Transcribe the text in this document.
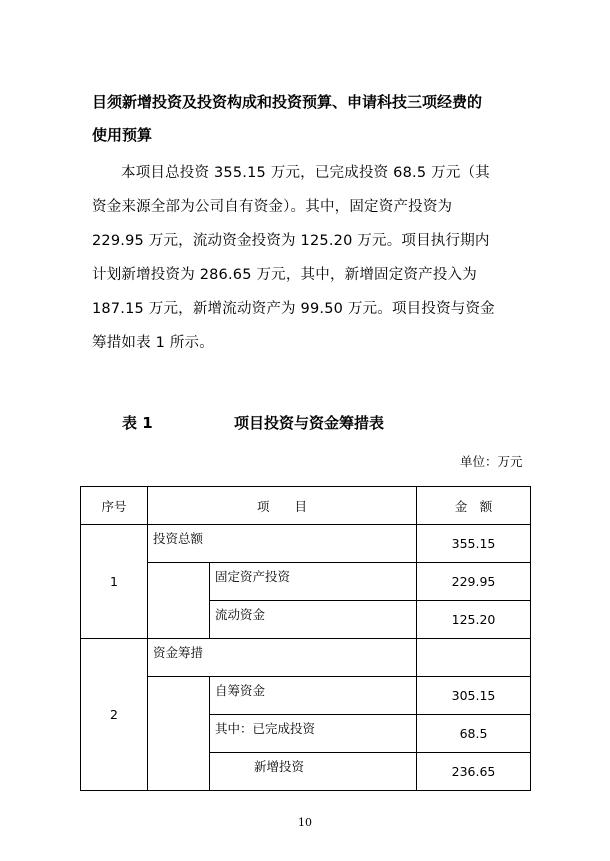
目须新增投资及投资构成和投资预算、申请科技三项经费的
使用预算

本项目总投资 355.15 万元，已完成投资 68.5 万元（其

资金来源全部为公司自有资金）。其中，固定资产投资为

229.95 万元，流动资金投资为 125.20 万元。项目执行期内

计划新增投资为 286.65 万元，其中，新增固定资产投入为

187.15 万元，新增流动资产为 99.50 万元。项目投资与资金

筹措如表 1 所示。

表 1	项目投资与资金筹措表
单位：万元
序号	项　　目		金　额
1	投资总额		355.15
		固定资产投资	229.95
		流动资金	125.20
2	资金筹措		
		自筹资金	305.15
		其中：已完成投资	68.5
		新增投资	236.65
10
